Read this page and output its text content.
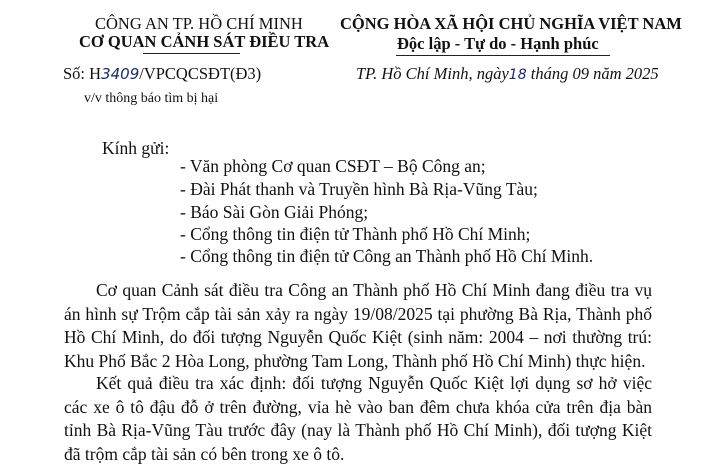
CÔNG AN TP. HỒ CHÍ MINH
CƠ QUAN CẢNH SÁT ĐIỀU TRA
CỘNG HÒA XÃ HỘI CHỦ NGHĨA VIỆT NAM
Độc lập - Tự do - Hạnh phúc
Số: H3409/VPCQCSĐT(Đ3)	TP. Hồ Chí Minh, ngày18 tháng 09 năm 2025
v/v thông báo tìm bị hại
Kính gửi:
- Văn phòng Cơ quan CSĐT – Bộ Công an;
- Đài Phát thanh và Truyền hình Bà Rịa-Vũng Tàu;
- Báo Sài Gòn Giải Phóng;
- Cổng thông tin điện tử Thành phố Hồ Chí Minh;
- Cổng thông tin điện tử Công an Thành phố Hồ Chí Minh.

Cơ quan Cảnh sát điều tra Công an Thành phố Hồ Chí Minh đang điều tra vụ án hình sự Trộm cắp tài sản xảy ra ngày 19/08/2025 tại phường Bà Rịa, Thành phố Hồ Chí Minh, do đối tượng Nguyễn Quốc Kiệt (sinh năm: 2004 – nơi thường trú: Khu Phố Bắc 2 Hòa Long, phường Tam Long, Thành phố Hồ Chí Minh) thực hiện.

Kết quả điều tra xác định: đối tượng Nguyễn Quốc Kiệt lợi dụng sơ hở việc các xe ô tô đậu đỗ ở trên đường, vỉa hè vào ban đêm chưa khóa cửa trên địa bàn tỉnh Bà Rịa-Vũng Tàu trước đây (nay là Thành phố Hồ Chí Minh), đối tượng Kiệt đã trộm cắp tài sản có bên trong xe ô tô.
